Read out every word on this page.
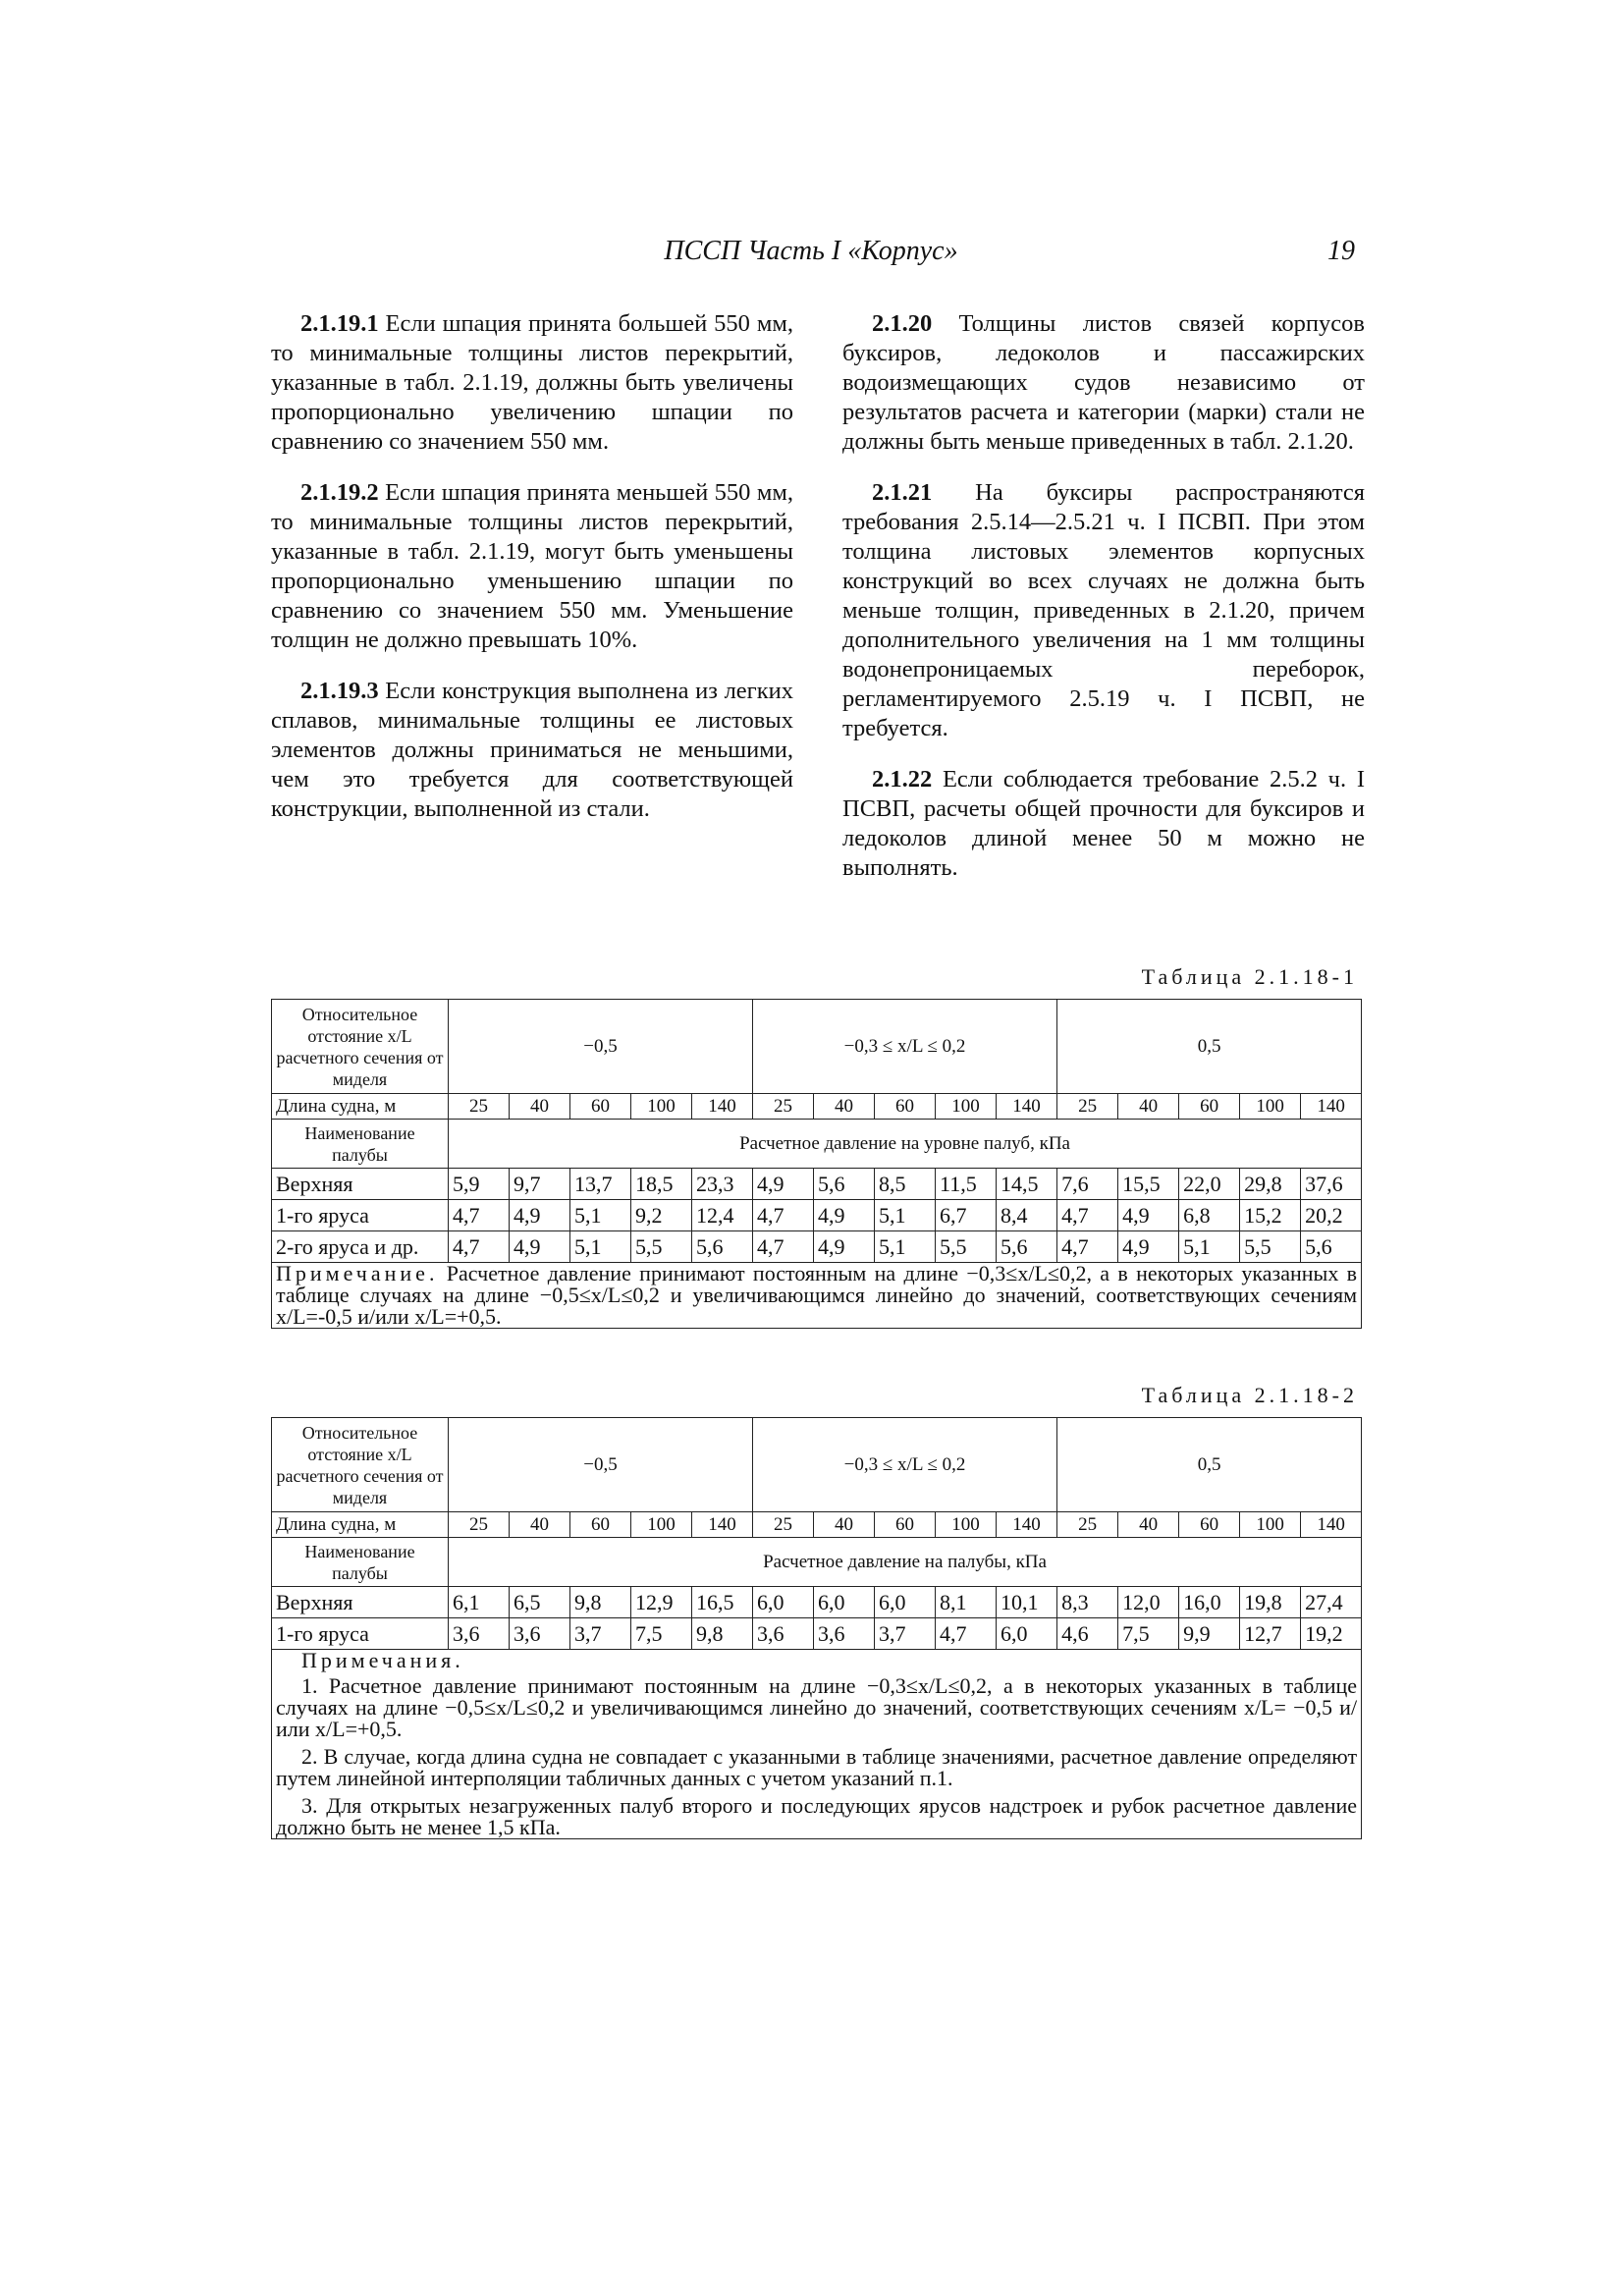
ПССП Часть I «Корпус»	19

2.1.19.1 Если шпация принята большей 550 мм, то минимальные толщины листов перекрытий, указанные в табл. 2.1.19, должны быть увеличены пропорционально увеличению шпации по сравнению со значением 550 мм.

2.1.19.2 Если шпация принята меньшей 550 мм, то минимальные толщины листов перекрытий, указанные в табл. 2.1.19, могут быть уменьшены пропорционально уменьшению шпации по сравнению со значением 550 мм. Уменьшение толщин не должно превышать 10%.

2.1.19.3 Если конструкция выполнена из легких сплавов, минимальные толщины ее листовых элементов должны приниматься не меньшими, чем это требуется для соответствующей конструкции, выполненной из стали.

2.1.20 Толщины листов связей корпусов буксиров, ледоколов и пассажирских водоизмещающих судов независимо от результатов расчета и категории (марки) стали не должны быть меньше приведенных в табл. 2.1.20.

2.1.21 На буксиры распространяются требования 2.5.14—2.5.21 ч. I ПСВП. При этом толщина листовых элементов корпусных конструкций во всех случаях не должна быть меньше толщин, приведенных в 2.1.20, причем дополнительного увеличения на 1 мм толщины водонепроницаемых переборок, регламентируемого 2.5.19 ч. I ПСВП, не требуется.

2.1.22 Если соблюдается требование 2.5.2 ч. I ПСВП, расчеты общей прочности для буксиров и ледоколов длиной менее 50 м можно не выполнять.

Таблица 2.1.18-1
Относительное отстояние x/L расчетного сечения от миделя	−0,5					−0,3 ≤ x/L ≤ 0,2					0,5				
Длина судна, м	25	40	60	100	140	25	40	60	100	140	25	40	60	100	140
Наименование палубы	Расчетное давление на уровне палуб, кПа														
Верхняя	5,9	9,7	13,7	18,5	23,3	4,9	5,6	8,5	11,5	14,5	7,6	15,5	22,0	29,8	37,6
1-го яруса	4,7	4,9	5,1	9,2	12,4	4,7	4,9	5,1	6,7	8,4	4,7	4,9	6,8	15,2	20,2
2-го яруса и др.	4,7	4,9	5,1	5,5	5,6	4,7	4,9	5,1	5,5	5,6	4,7	4,9	5,1	5,5	5,6
Примечание. Расчетное давление принимают постоянным на длине −0,3≤x/L≤0,2, а в некоторых указанных в таблице случаях на длине −0,5≤x/L≤0,2 и увеличивающимся линейно до значений, соответствующих сечениям x/L=-0,5 и/или x/L=+0,5.															
Таблица 2.1.18-2
Относительное отстояние x/L расчетного сечения от миделя	−0,5					−0,3 ≤ x/L ≤ 0,2					0,5				
Длина судна, м	25	40	60	100	140	25	40	60	100	140	25	40	60	100	140
Наименование палубы	Расчетное давление на палубы, кПа														
Верхняя	6,1	6,5	9,8	12,9	16,5	6,0	6,0	6,0	8,1	10,1	8,3	12,0	16,0	19,8	27,4
1-го яруса	3,6	3,6	3,7	7,5	9,8	3,6	3,6	3,7	4,7	6,0	4,6	7,5	9,9	12,7	19,2

Примечания.

1. Расчетное давление принимают постоянным на длине −0,3≤x/L≤0,2, а в некоторых указанных в таблице случаях на длине −0,5≤x/L≤0,2 и увеличивающимся линейно до значений, соответствующих сечениям x/L= −0,5 и/или x/L=+0,5.

2. В случае, когда длина судна не совпадает с указанными в таблице значениями, расчетное давление определяют путем линейной интерполяции табличных данных с учетом указаний п.1.

3. Для открытых незагруженных палуб второго и последующих ярусов надстроек и рубок расчетное давление должно быть не менее 1,5 кПа.															
